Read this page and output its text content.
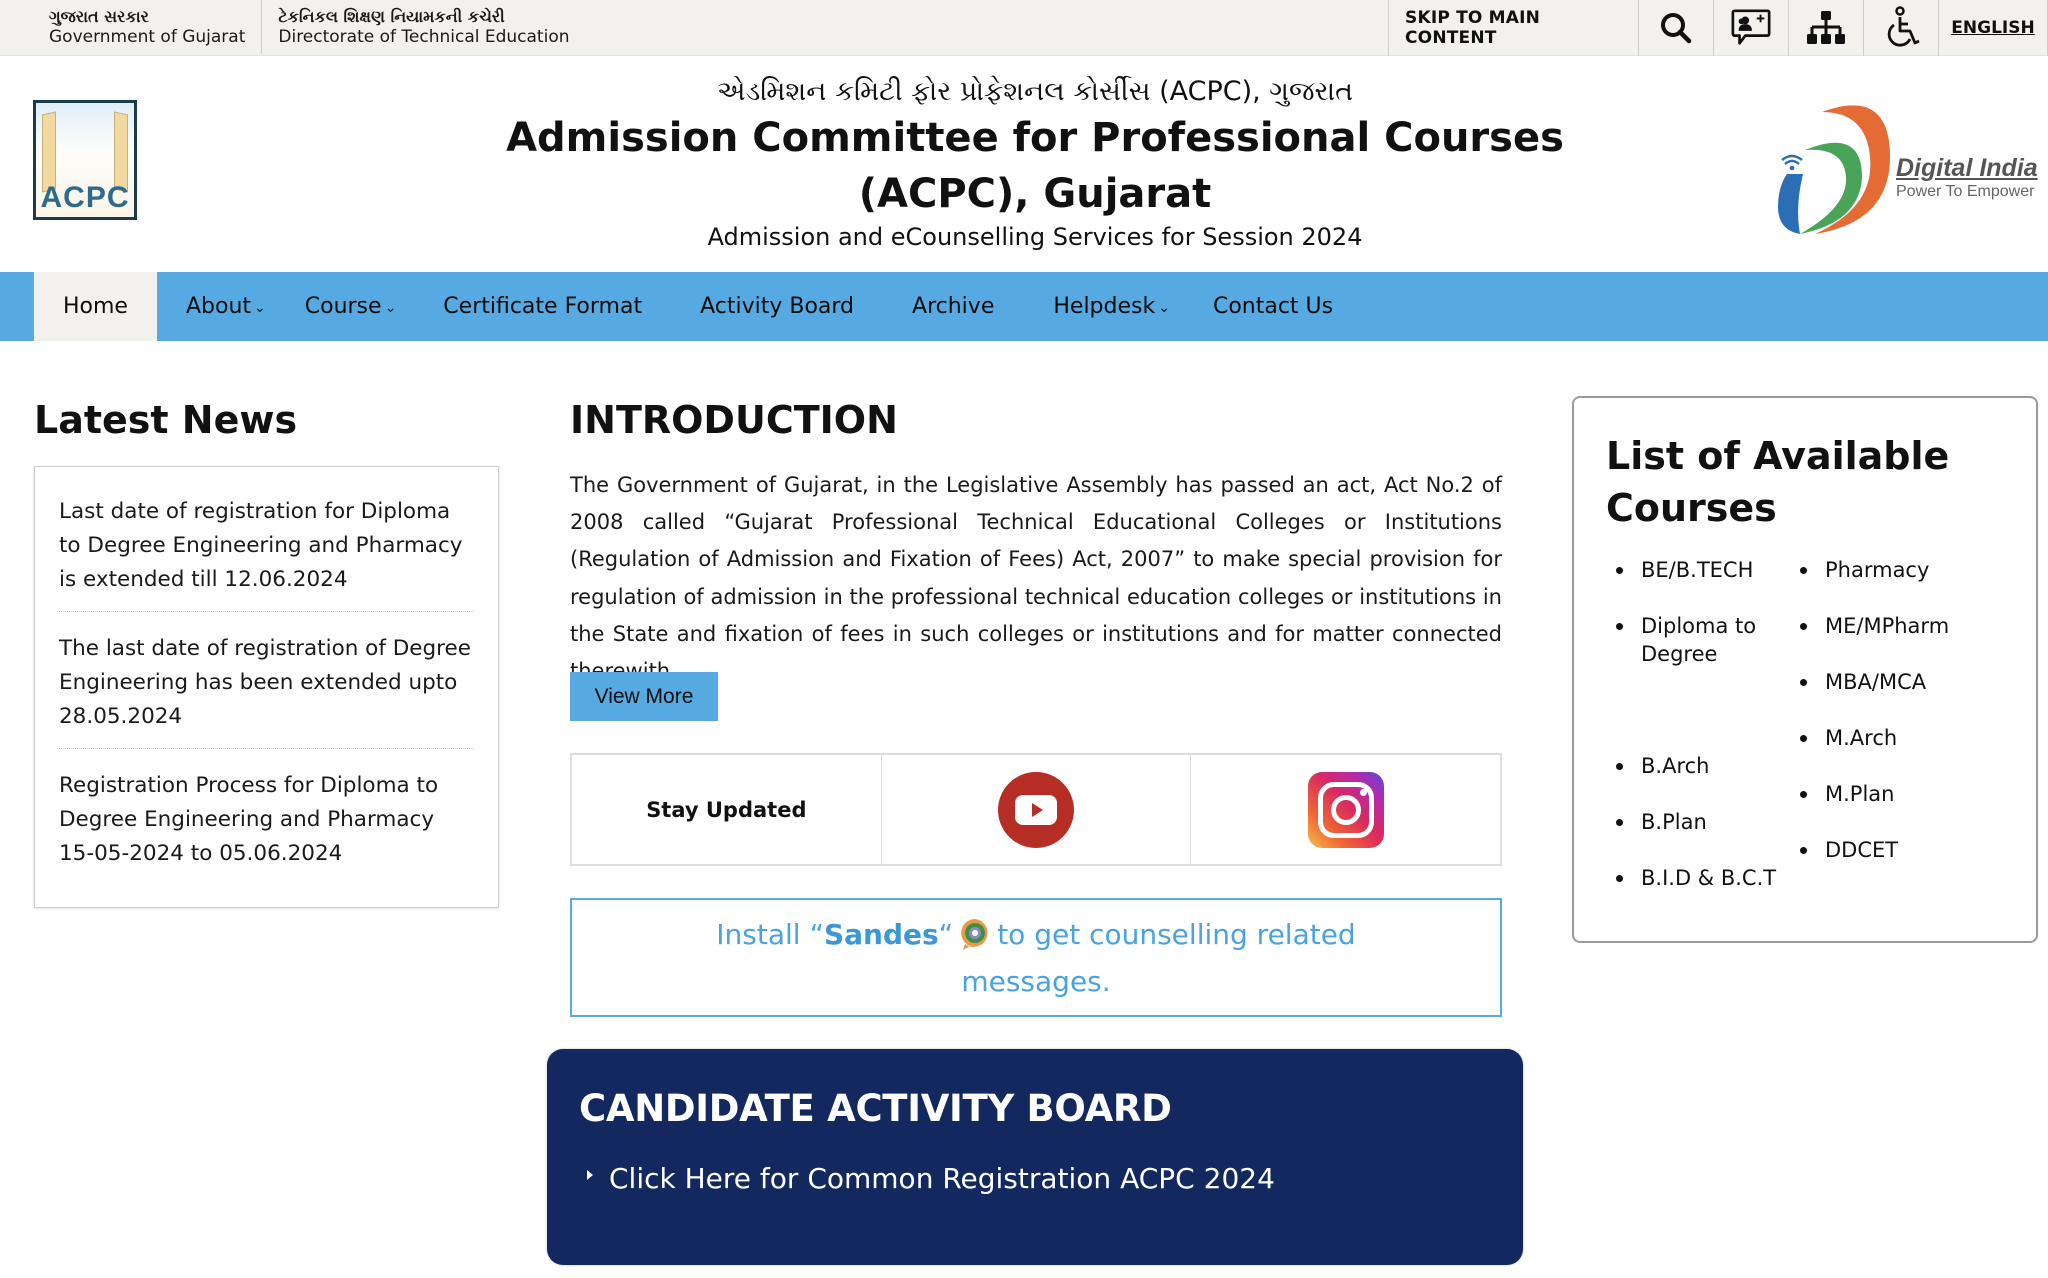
ગુજરાત સરકાર
Government of Gujarat
ટેકનિકલ શિક્ષણ નિયામકની કચેરી
Directorate of Technical Education
SKIP TO MAIN CONTENT	ENGLISH
ACPC
એડમિશન કમિટી ફોર પ્રોફેશનલ કોર્સીસ (ACPC), ગુજરાત
Admission Committee for Professional Courses
(ACPC), Gujarat
Admission and eCounselling Services for Session 2024
Digital India
Power To Empower
Home	About ⌄ Course ⌄ Certificate Format	Activity Board	Archive	Helpdesk ⌄ Contact Us
Latest News
Last date of registration for Diploma to Degree Engineering and Pharmacy is extended till 12.06.2024
The last date of registration of Degree Engineering has been extended upto 28.05.2024
Registration Process for Diploma to Degree Engineering and Pharmacy 15-05-2024 to 05.06.2024
INTRODUCTION

The Government of Gujarat, in the Legislative Assembly has passed an act, Act No.2 of 2008 called “Gujarat Professional Technical Educational Colleges or Institutions (Regulation of Admission and Fixation of Fees) Act, 2007” to make special provision for regulation of admission in the professional technical education colleges or institutions in the State and fixation of fees in such colleges or institutions and for matter connected

View More
Stay Updated
Install “Sandes“ to get counselling related messages.
CANDIDATE ACTIVITY BOARD
Click Here for Common Registration ACPC 2024
List of Available Courses
BE/B.TECH
Diploma to Degree
B.Arch
B.Plan
B.I.D & B.C.T
Pharmacy
ME/MPharm
MBA/MCA
M.Arch
M.Plan
DDCET
